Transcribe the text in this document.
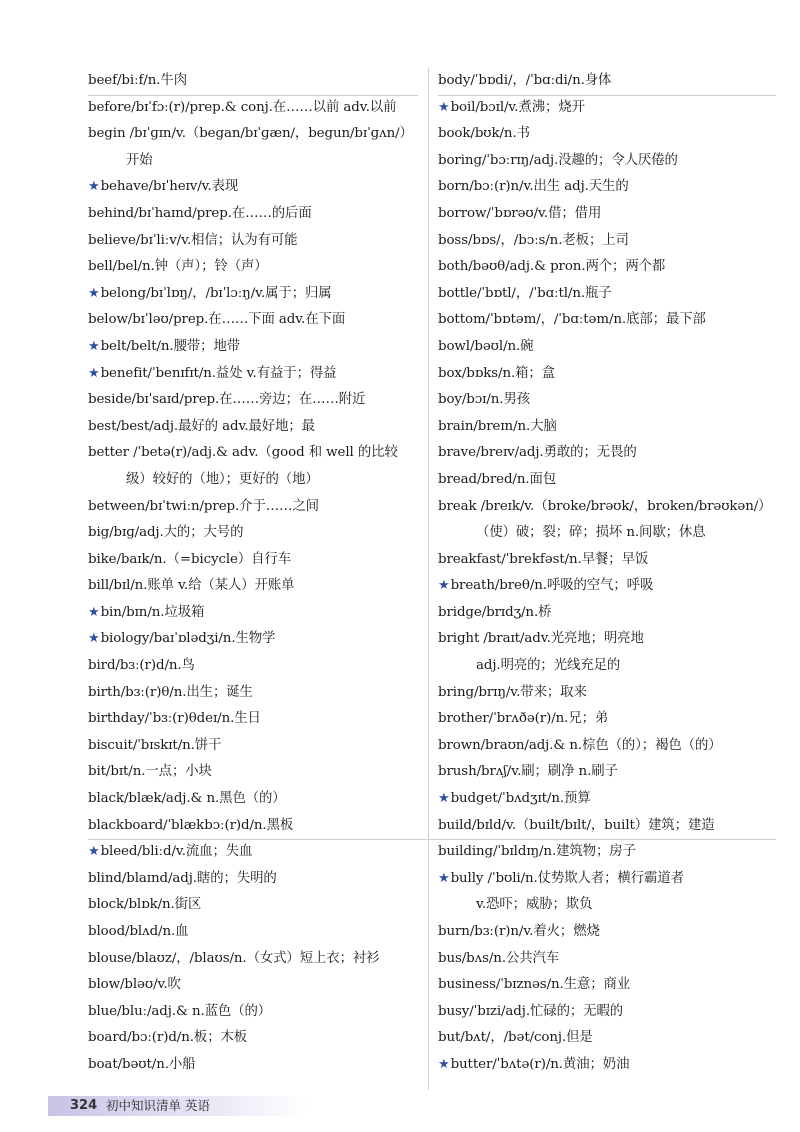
beef/biːf/n.牛肉
before/bɪˈfɔː(r)/prep.& conj.在……以前 adv.以前
begin /bɪˈɡɪn/v.（began/bɪˈɡæn/，begun/bɪˈɡʌn/）
开始
★behave/bɪˈheɪv/v.表现
behind/bɪˈhaɪnd/prep.在……的后面
believe/bɪˈliːv/v.相信；认为有可能
bell/bel/n.钟（声）；铃（声）
★belong/bɪˈlɒŋ/，/bɪˈlɔːŋ/v.属于；归属
below/bɪˈləʊ/prep.在……下面 adv.在下面
★belt/belt/n.腰带；地带
★benefit/ˈbenɪfɪt/n.益处 v.有益于；得益
beside/bɪˈsaɪd/prep.在……旁边；在……附近
best/best/adj.最好的 adv.最好地；最
better /ˈbetə(r)/adj.& adv.（good 和 well 的比较
级）较好的（地）；更好的（地）
between/bɪˈtwiːn/prep.介于……之间
big/bɪɡ/adj.大的；大号的
bike/baɪk/n.（=bicycle）自行车
bill/bɪl/n.账单 v.给（某人）开账单
★bin/bɪn/n.垃圾箱
★biology/baɪˈɒlədʒi/n.生物学
bird/bɜː(r)d/n.鸟
birth/bɜː(r)θ/n.出生；诞生
birthday/ˈbɜː(r)θdeɪ/n.生日
biscuit/ˈbɪskɪt/n.饼干
bit/bɪt/n.一点；小块
black/blæk/adj.& n.黑色（的）
blackboard/ˈblækbɔː(r)d/n.黑板
★bleed/bliːd/v.流血；失血
blind/blaɪnd/adj.瞎的；失明的
block/blɒk/n.街区
blood/blʌd/n.血
blouse/blaʊz/，/blaʊs/n.（女式）短上衣；衬衫
blow/bləʊ/v.吹
blue/bluː/adj.& n.蓝色（的）
board/bɔː(r)d/n.板；木板
boat/bəʊt/n.小船
body/ˈbɒdi/，/ˈbɑːdi/n.身体
★boil/bɔɪl/v.煮沸；烧开
book/bʊk/n.书
boring/ˈbɔːrɪŋ/adj.没趣的；令人厌倦的
born/bɔː(r)n/v.出生 adj.天生的
borrow/ˈbɒrəʊ/v.借；借用
boss/bɒs/，/bɔːs/n.老板；上司
both/bəʊθ/adj.& pron.两个；两个都
bottle/ˈbɒtl/，/ˈbɑːtl/n.瓶子
bottom/ˈbɒtəm/，/ˈbɑːtəm/n.底部；最下部
bowl/bəʊl/n.碗
box/bɒks/n.箱；盒
boy/bɔɪ/n.男孩
brain/breɪn/n.大脑
brave/breɪv/adj.勇敢的；无畏的
bread/bred/n.面包
break /breɪk/v.（broke/brəʊk/，broken/brəʊkən/）
（使）破；裂；碎；损坏 n.间歇；休息
breakfast/ˈbrekfəst/n.早餐；早饭
★breath/breθ/n.呼吸的空气；呼吸
bridge/brɪdʒ/n.桥
bright /braɪt/adv.光亮地；明亮地
adj.明亮的；光线充足的
bring/brɪŋ/v.带来；取来
brother/ˈbrʌðə(r)/n.兄；弟
brown/braʊn/adj.& n.棕色（的）；褐色（的）
brush/brʌʃ/v.刷；刷净 n.刷子
★budget/ˈbʌdʒɪt/n.预算
build/bɪld/v.（built/bɪlt/，built）建筑；建造
building/ˈbɪldɪŋ/n.建筑物；房子
★bully /ˈbʊli/n.仗势欺人者；横行霸道者
v.恐吓；威胁；欺负
burn/bɜː(r)n/v.着火；燃烧
bus/bʌs/n.公共汽车
business/ˈbɪznəs/n.生意；商业
busy/ˈbɪzi/adj.忙碌的；无暇的
but/bʌt/，/bət/conj.但是
★butter/ˈbʌtə(r)/n.黄油；奶油
324 初中知识清单 英语
